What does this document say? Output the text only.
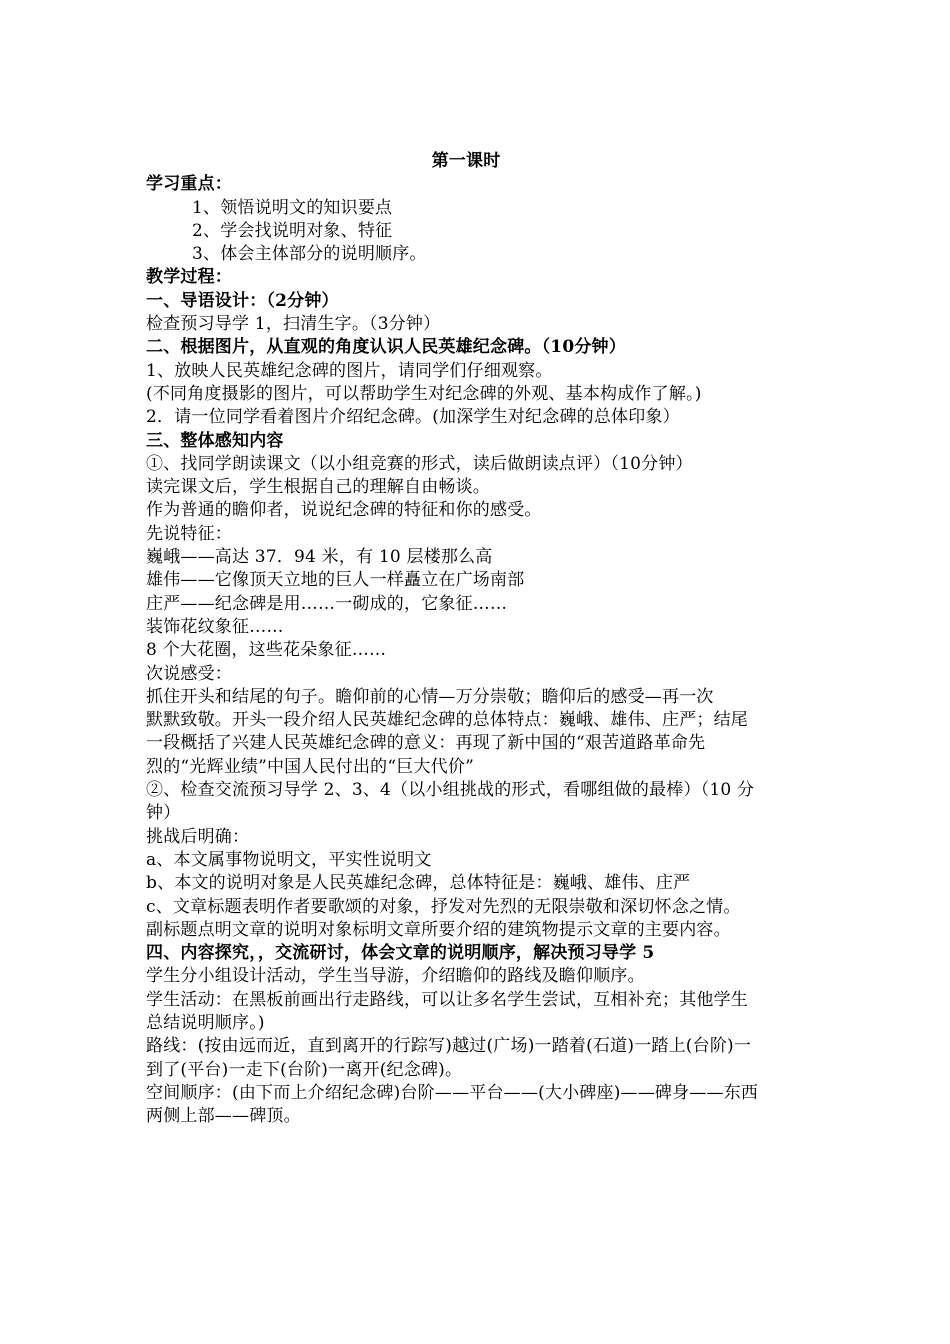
第一课时
学习重点：
1、领悟说明文的知识要点
2、学会找说明对象、特征
3、体会主体部分的说明顺序。
教学过程：
一、导语设计：（2分钟）
检查预习导学 1，扫清生字。（3分钟）
二、根据图片，从直观的角度认识人民英雄纪念碑。（10分钟）
1、放映人民英雄纪念碑的图片，请同学们仔细观察。
(不同角度摄影的图片，可以帮助学生对纪念碑的外观、基本构成作了解。)
2．请一位同学看着图片介绍纪念碑。(加深学生对纪念碑的总体印象）
三、整体感知内容
①、找同学朗读课文（以小组竞赛的形式，读后做朗读点评）（10分钟）
读完课文后，学生根据自己的理解自由畅谈。
作为普通的瞻仰者，说说纪念碑的特征和你的感受。
先说特征：
巍峨——高达 37．94 米，有 10 层楼那么高
雄伟——它像顶天立地的巨人一样矗立在广场南部
庄严——纪念碑是用……一砌成的，它象征……
装饰花纹象征……
8 个大花圈，这些花朵象征……
次说感受：
抓住开头和结尾的句子。瞻仰前的心情—万分崇敬；瞻仰后的感受—再一次
默默致敬。开头一段介绍人民英雄纪念碑的总体特点：巍峨、雄伟、庄严；结尾
一段概括了兴建人民英雄纪念碑的意义：再现了新中国的“艰苦道路革命先
烈的“光辉业绩”中国人民付出的“巨大代价”
②、检查交流预习导学 2、3、4（以小组挑战的形式，看哪组做的最棒）（10 分
钟）
挑战后明确：
a、本文属事物说明文，平实性说明文
b、本文的说明对象是人民英雄纪念碑，总体特征是：巍峨、雄伟、庄严
c、文章标题表明作者要歌颂的对象，抒发对先烈的无限崇敬和深切怀念之情。
副标题点明文章的说明对象标明文章所要介绍的建筑物提示文章的主要内容。
四、内容探究，，交流研讨，体会文章的说明顺序，解决预习导学 5
学生分小组设计活动，学生当导游，介绍瞻仰的路线及瞻仰顺序。
学生活动：在黑板前画出行走路线，可以让多名学生尝试，互相补充；其他学生
总结说明顺序。)
路线：(按由远而近，直到离开的行踪写)越过(广场)一踏着(石道)一踏上(台阶)一
到了(平台)一走下(台阶)一离开(纪念碑)。
空间顺序：(由下而上介绍纪念碑)台阶——平台——(大小碑座)——碑身——东西
两侧上部——碑顶。
